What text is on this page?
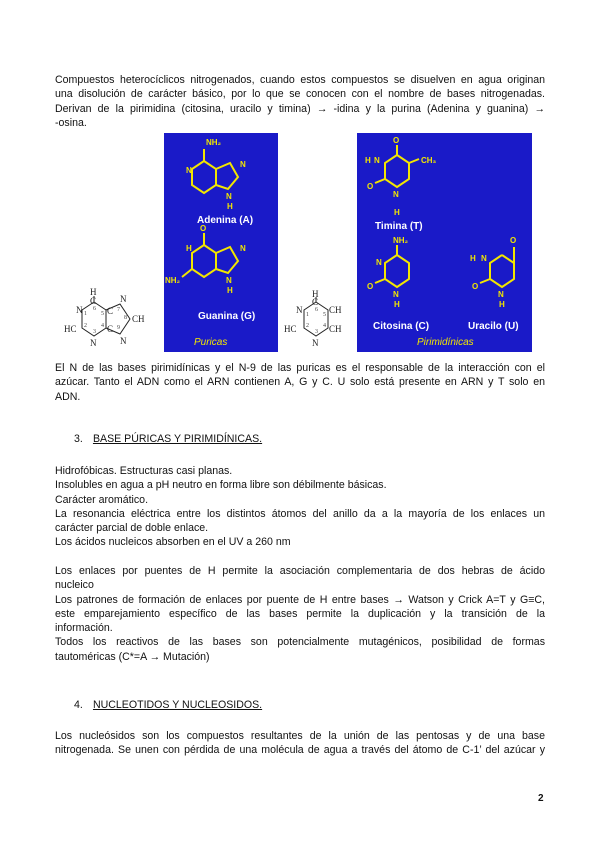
Compuestos heterocíclicos nitrogenados, cuando estos compuestos se disuelven en agua originan
una disolución de carácter básico, por lo que se conocen con el nombre de bases nitrogenadas.
Derivan de la pirimidina (citosina, uracilo y timina) → -idina y la purina (Adenina y guanina) →
-osina.
NH₂
N
N
N
H
O
H
NH₂
N
N
H
Adenina (A)
Guanina (G)
Puricas
O
H N	CH₃
O
N
H
NH₂
N
O
N
H
O
H N
O
N
H
Timina (T)
Citosina (C)	Uracilo (U)
Pirimidínicas
H
C
N
HC
N
N
CH
N
C
C
1
2
3
4
5
6	7
8
9
H
C
N	CH
HC	CH
N
1
2
3
4
5
6
El N de las bases pirimidínicas y el N-9 de las puricas es el responsable de la interacción con el
azúcar. Tanto el ADN como el ARN contienen A, G y C. U solo está presente en ARN y T solo en
ADN.
3. BASE PÚRICAS Y PIRIMIDÍNICAS.
Hidrofóbicas. Estructuras casi planas.
Insolubles en agua a pH neutro en forma libre son débilmente básicas.
Carácter aromático.
La resonancia eléctrica entre los distintos átomos del anillo da a la mayoría de los enlaces un
carácter parcial de doble enlace.
Los ácidos nucleicos absorben en el UV a 260 nm
Los enlaces por puentes de H permite la asociación complementaria de dos hebras de ácido
nucleico
Los patrones de formación de enlaces por puente de H entre bases → Watson y Crick A=T y G≡C,
este emparejamiento específico de las bases permite la duplicación y la transición de la
información.
Todos los reactivos de las bases son potencialmente mutagénicos, posibilidad de formas
tautoméricas (C*=A → Mutación)
4. NUCLEOTIDOS Y NUCLEOSIDOS.
Los nucleósidos son los compuestos resultantes de la unión de las pentosas y de una base
nitrogenada. Se unen con pérdida de una molécula de agua a través del átomo de C-1’ del azúcar y
2
